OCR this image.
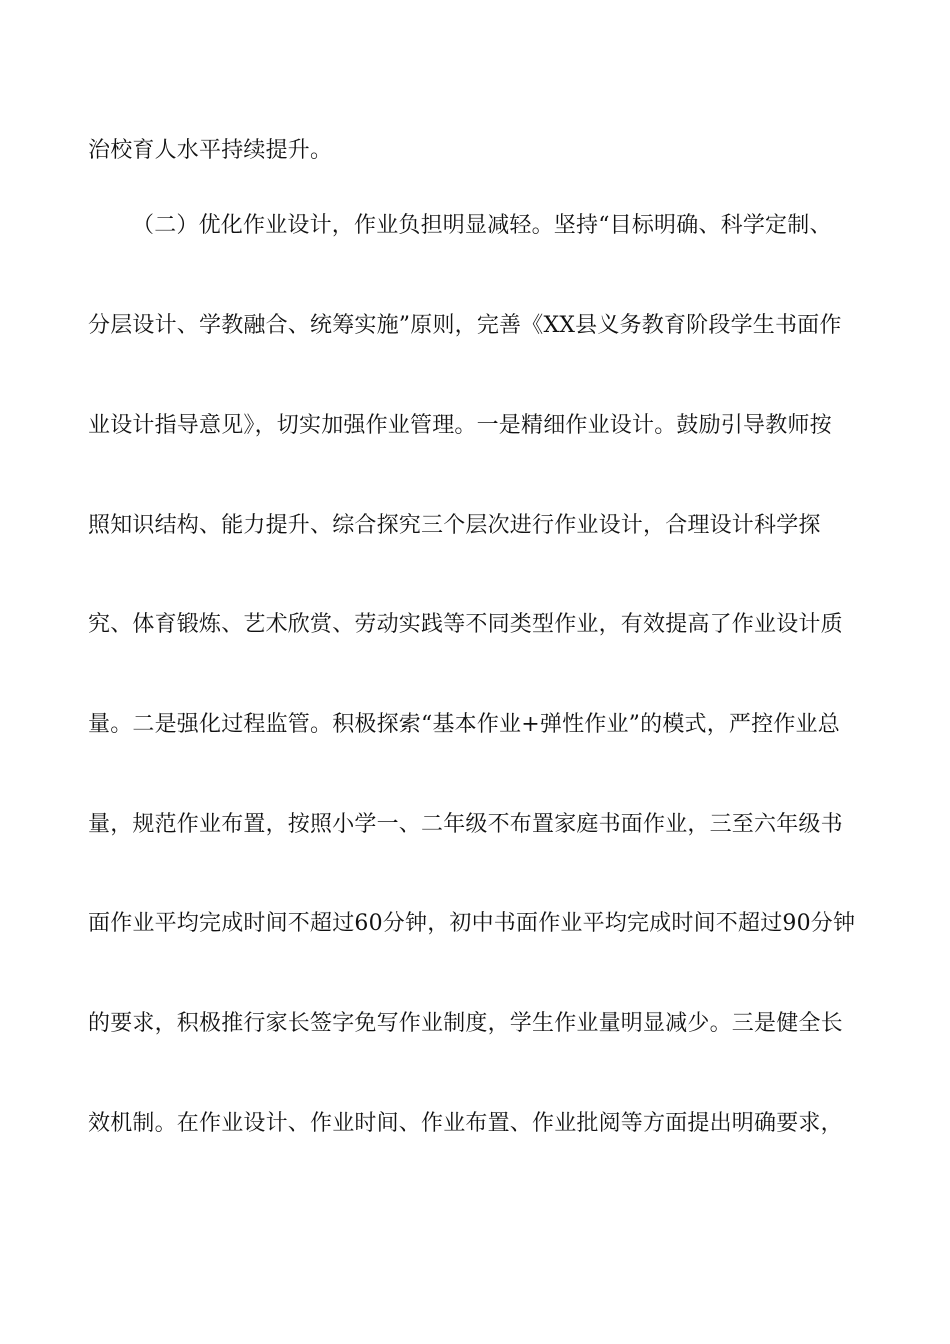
治校育人水平持续提升。
（二）优化作业设计，作业负担明显减轻。坚持“目标明确、科学定制、
分层设计、学教融合、统筹实施”原则，完善《XX县义务教育阶段学生书面作
业设计指导意见》，切实加强作业管理。一是精细作业设计。鼓励引导教师按
照知识结构、能力提升、综合探究三个层次进行作业设计，合理设计科学探
究、体育锻炼、艺术欣赏、劳动实践等不同类型作业，有效提高了作业设计质
量。二是强化过程监管。积极探索“基本作业+弹性作业”的模式，严控作业总
量，规范作业布置，按照小学一、二年级不布置家庭书面作业，三至六年级书
面作业平均完成时间不超过60分钟，初中书面作业平均完成时间不超过90分钟
的要求，积极推行家长签字免写作业制度，学生作业量明显减少。三是健全长
效机制。在作业设计、作业时间、作业布置、作业批阅等方面提出明确要求，
